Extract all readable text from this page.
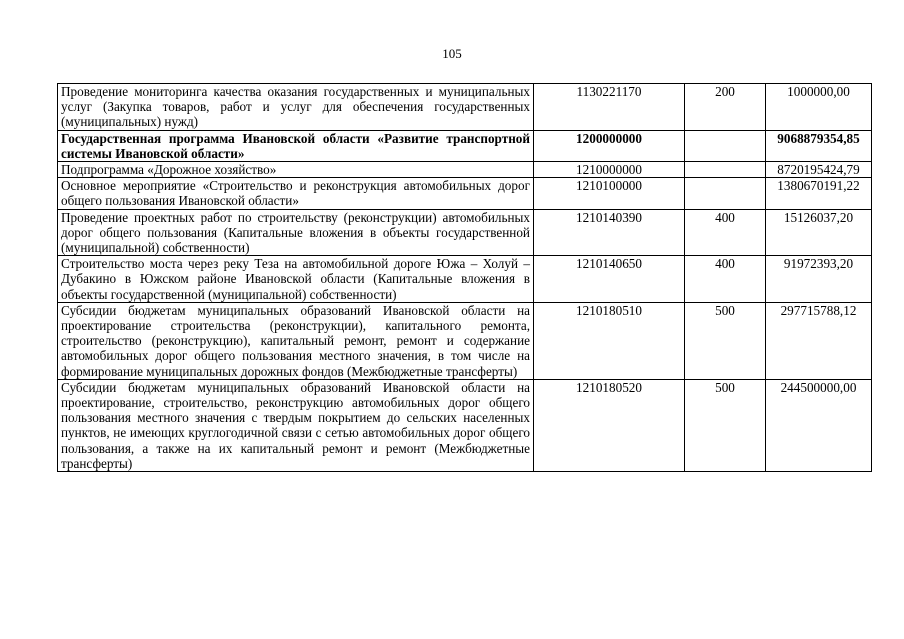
105
Проведение мониторинга качества оказания государственных и муниципальных услуг (Закупка товаров, работ и услуг для обеспечения государственных (муниципальных) нужд)	1130221170	200	1000000,00
Государственная программа Ивановской области «Развитие транспортной системы Ивановской области»	1200000000		9068879354,85
Подпрограмма «Дорожное хозяйство»	1210000000		8720195424,79
Основное мероприятие «Строительство и реконструкция автомобильных дорог общего пользования Ивановской области»	1210100000		1380670191,22
Проведение проектных работ по строительству (реконструкции) автомобильных дорог общего пользования (Капитальные вложения в объекты государственной (муниципальной) собственности)	1210140390	400	15126037,20
Строительство моста через реку Теза на автомобильной дороге Южа – Холуй – Дубакино в Южском районе Ивановской области (Капитальные вложения в объекты государственной (муниципальной) собственности)	1210140650	400	91972393,20
Субсидии бюджетам муниципальных образований Ивановской области на проектирование строительства (реконструкции), капитального ремонта, строительство (реконструкцию), капитальный ремонт, ремонт и содержание автомобильных дорог общего пользования местного значения, в том числе на формирование муниципальных дорожных фондов (Межбюджетные трансферты)	1210180510	500	297715788,12
Субсидии бюджетам муниципальных образований Ивановской области на проектирование, строительство, реконструкцию автомобильных дорог общего пользования местного значения с твердым покрытием до сельских населенных пунктов, не имеющих круглогодичной связи с сетью автомобильных дорог общего пользования, а также на их капитальный ремонт и ремонт (Межбюджетные трансферты)	1210180520	500	244500000,00
